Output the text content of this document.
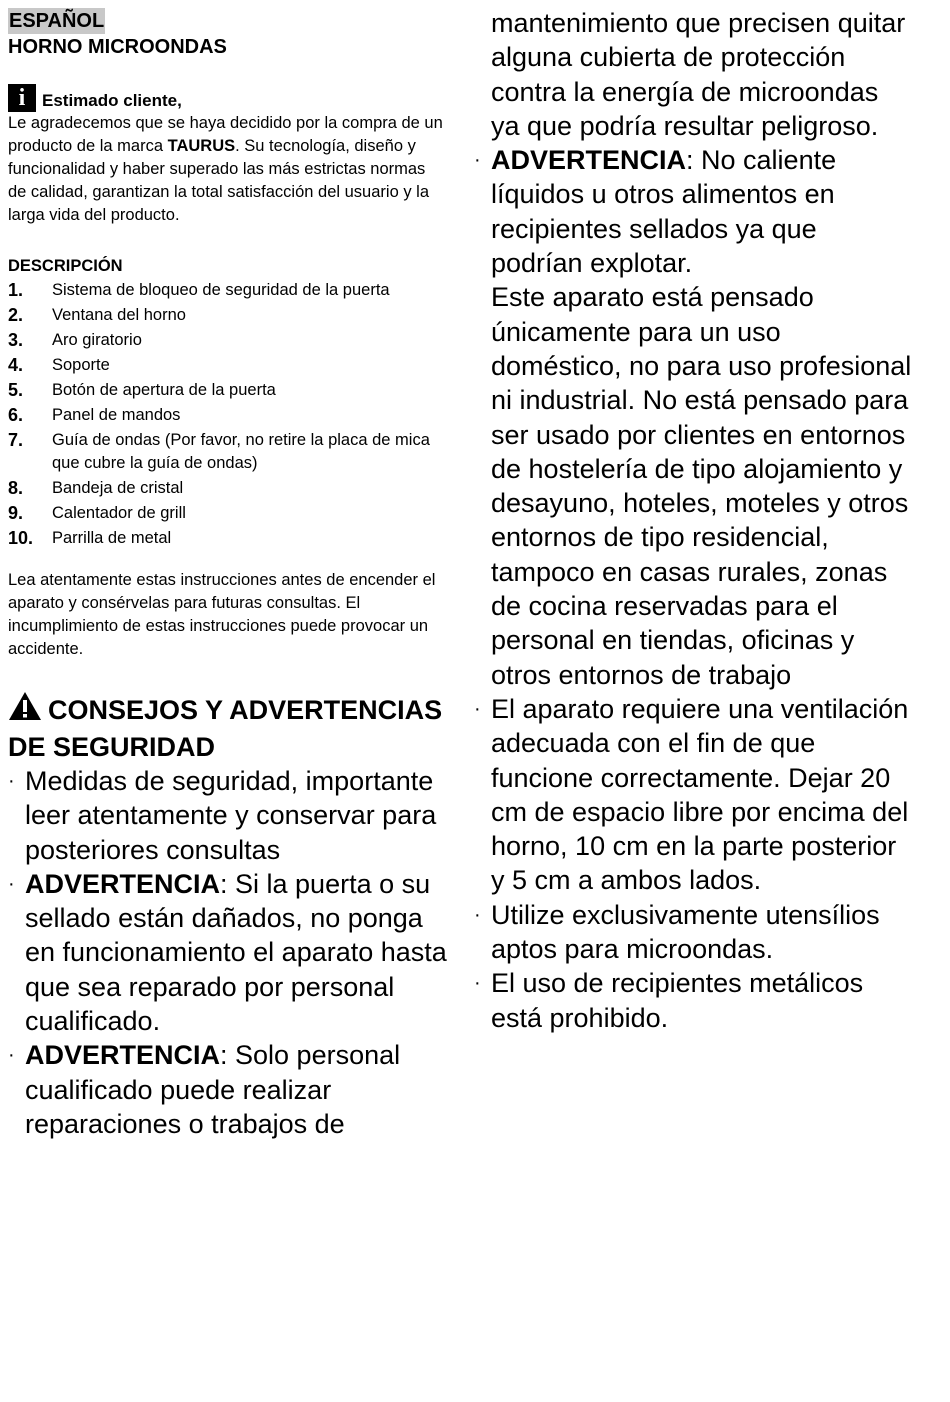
ESPAÑOL
HORNO MICROONDAS
i Estimado cliente,

Le agradecemos que se haya decidido por la compra de un producto de la marca TAURUS. Su tecnología, diseño y funcionalidad y haber superado las más estrictas normas de calidad, garantizan la total satisfacción del usuario y la larga vida del producto.

DESCRIPCIÓN
1.	Sistema de bloqueo de seguridad de la puerta
2.	Ventana del horno
3.	Aro giratorio
4.	Soporte
5.	Botón de apertura de la puerta
6.	Panel de mandos
7.	Guía de ondas (Por favor, no retire la placa de mica que cubre la guía de ondas)
8.	Bandeja de cristal
9.	Calentador de grill
10.	Parrilla de metal

Lea atentamente estas instrucciones antes de encender el aparato y consérvelas para futuras consultas. El incumplimiento de estas instrucciones puede provocar un accidente.

CONSEJOS Y ADVERTENCIAS DE SEGURIDAD
· Medidas de seguridad, importante leer atentamente y conservar para posteriores consultas
· ADVERTENCIA: Si la puerta o su sellado están dañados, no ponga en funcionamiento el aparato hasta que sea reparado por personal cualificado.
· ADVERTENCIA: Solo personal cualificado puede realizar reparaciones o trabajos de

mantenimiento que precisen quitar alguna cubierta de protección contra la energía de microondas ya que podría resultar peligroso.

· ADVERTENCIA: No caliente líquidos u otros alimentos en recipientes sellados ya que podrían explotar.

Este aparato está pensado únicamente para un uso doméstico, no para uso profesional ni industrial. No está pensado para ser usado por clientes en entornos de hostelería de tipo alojamiento y desayuno, hoteles, moteles y otros entornos de tipo residencial, tampoco en casas rurales, zonas de cocina reservadas para el personal en tiendas, oficinas y otros entornos de trabajo

· El aparato requiere una ventilación adecuada con el fin de que funcione correctamente. Dejar 20 cm de espacio libre por encima del horno, 10 cm en la parte posterior y 5 cm a ambos lados.
· Utilize exclusivamente utensílios aptos para microondas.
· El uso de recipientes metálicos está prohibido.
